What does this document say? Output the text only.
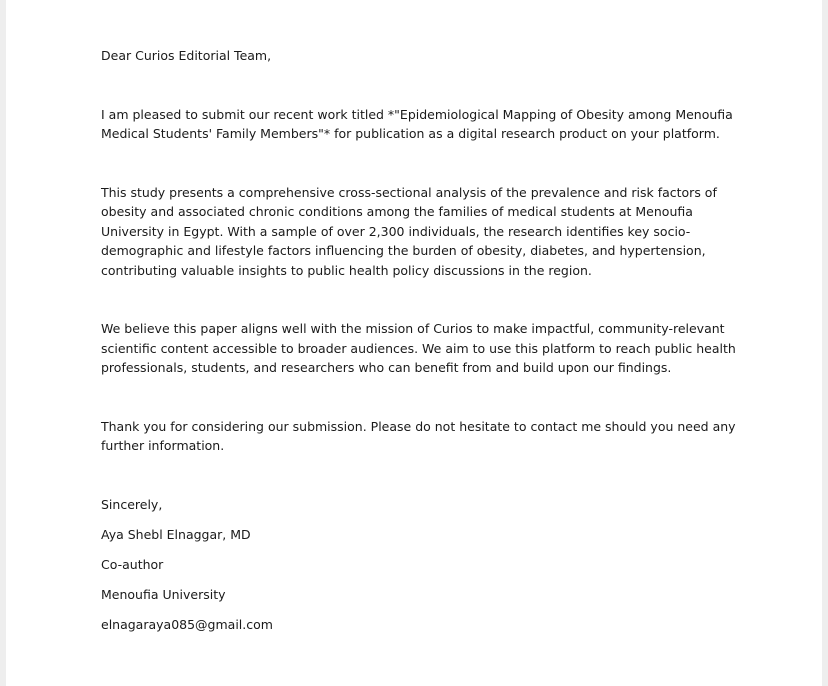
Dear Curios Editorial Team,

I am pleased to submit our recent work titled *"Epidemiological Mapping of Obesity among Menoufia Medical Students' Family Members"* for publication as a digital research product on your platform.

This study presents a comprehensive cross-sectional analysis of the prevalence and risk factors of obesity and associated chronic conditions among the families of medical students at Menoufia University in Egypt. With a sample of over 2,300 individuals, the research identifies key socio-demographic and lifestyle factors influencing the burden of obesity, diabetes, and hypertension, contributing valuable insights to public health policy discussions in the region.

We believe this paper aligns well with the mission of Curios to make impactful, community-relevant scientific content accessible to broader audiences. We aim to use this platform to reach public health professionals, students, and researchers who can benefit from and build upon our findings.

Thank you for considering our submission. Please do not hesitate to contact me should you need any further information.

Sincerely,

Aya Shebl Elnaggar, MD

Co-author

Menoufia University

elnagaraya085@gmail.com
